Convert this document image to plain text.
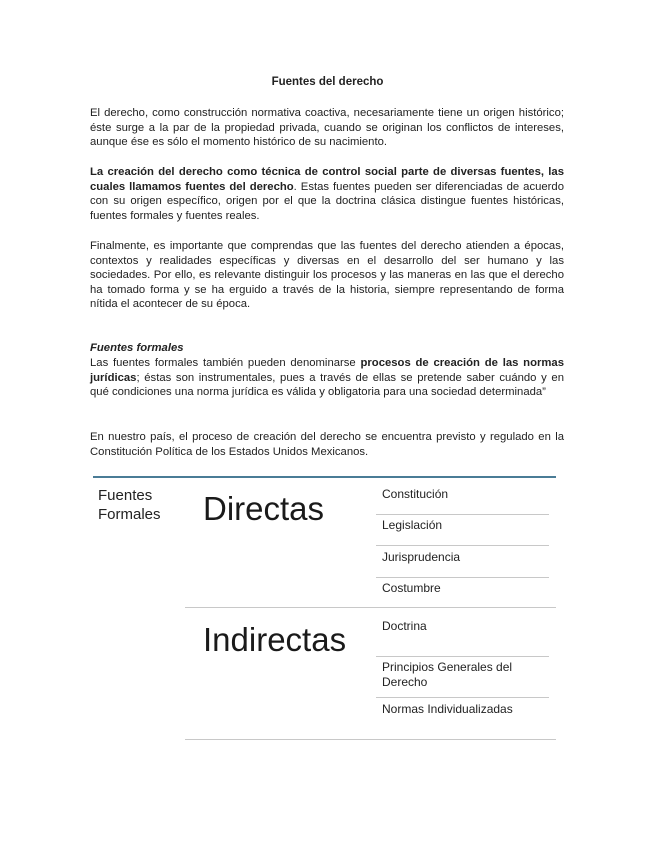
Fuentes del derecho

El derecho, como construcción normativa coactiva, necesariamente tiene un origen histórico; éste surge a la par de la propiedad privada, cuando se originan los conflictos de intereses, aunque ése es sólo el momento histórico de su nacimiento.

La creación del derecho como técnica de control social parte de diversas fuentes, las cuales llamamos fuentes del derecho. Estas fuentes pueden ser diferenciadas de acuerdo con su origen específico, origen por el que la doctrina clásica distingue fuentes históricas, fuentes formales y fuentes reales.

Finalmente, es importante que comprendas que las fuentes del derecho atienden a épocas, contextos y realidades específicas y diversas en el desarrollo del ser humano y las sociedades. Por ello, es relevante distinguir los procesos y las maneras en las que el derecho ha tomado forma y se ha erguido a través de la historia, siempre representando de forma nítida el acontecer de su época.

Fuentes formales

Las fuentes formales también pueden denominarse procesos de creación de las normas jurídicas; éstas son instrumentales, pues a través de ellas se pretende saber cuándo y en qué condiciones una norma jurídica es válida y obligatoria para una sociedad determinada”

En nuestro país, el proceso de creación del derecho se encuentra previsto y regulado en la Constitución Política de los Estados Unidos Mexicanos.

Fuentes
Formales Directas	Constitución
Legislación
Jurisprudencia
Costumbre
Indirectas	Doctrina
Principios Generales del Derecho
Normas Individualizadas
